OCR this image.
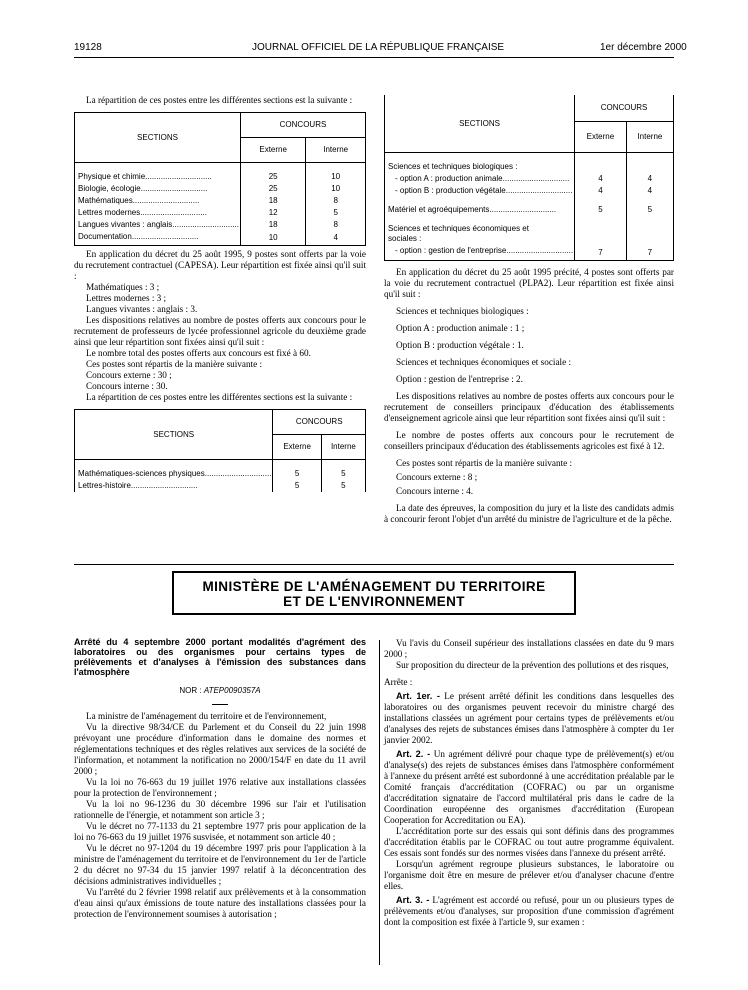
19128	JOURNAL OFFICIEL DE LA RÉPUBLIQUE FRANÇAISE	1er décembre 2000

La répartition de ces postes entre les différentes sections est la suivante :

SECTIONS	CONCOURS	
	Externe	Interne

Physique et chimie..............................	25	10
Biologie, écologie..............................	25	10
Mathématiques..............................	18	8
Lettres modernes..............................	12	5
Langues vivantes : anglais..............................	18	8
Documentation..............................	10	4

En application du décret du 25 août 1995, 9 postes sont offerts par la voie du recrutement contractuel (CAPESA). Leur répartition est fixée ainsi qu'il suit :

Mathématiques : 3 ;

Lettres modernes : 3 ;

Langues vivantes : anglais : 3.

Les dispositions relatives au nombre de postes offerts aux concours pour le recrutement de professeurs de lycée professionnel agricole du deuxième grade ainsi que leur répartition sont fixées ainsi qu'il suit :

Le nombre total des postes offerts aux concours est fixé à 60.

Ces postes sont répartis de la manière suivante :

Concours externe : 30 ;

Concours interne : 30.

La répartition de ces postes entre les différentes sections est la suivante :

SECTIONS	CONCOURS	
	Externe	Interne

Mathématiques-sciences physiques..............................	5	5
Lettres-histoire..............................	5	5
SECTIONS	CONCOURS	
	Externe	Interne

Sciences et techniques biologiques :		
- option A : production animale..............................	4	4
- option B : production végétale..............................	4	4

Matériel et agroéquipements..............................	5	5

Sciences et techniques économiques et sociales :		
- option : gestion de l'entreprise..............................	7	7

En application du décret du 25 août 1995 précité, 4 postes sont offerts par la voie du recrutement contractuel (PLPA2). Leur répartition est fixée ainsi qu'il suit :

Sciences et techniques biologiques :

Option A : production animale : 1 ;

Option B : production végétale : 1.

Sciences et techniques économiques et sociale :

Option : gestion de l'entreprise : 2.

Les dispositions relatives au nombre de postes offerts aux concours pour le recrutement de conseillers principaux d'éducation des établissements d'enseignement agricole ainsi que leur répartition sont fixées ainsi qu'il suit :

Le nombre de postes offerts aux concours pour le recrutement de conseillers principaux d'éducation des établissements agricoles est fixé à 12.

Ces postes sont répartis de la manière suivante :

Concours externe : 8 ;

Concours interne : 4.

La date des épreuves, la composition du jury et la liste des candidats admis à concourir feront l'objet d'un arrêté du ministre de l'agriculture et de la pêche.

MINISTÈRE DE L'AMÉNAGEMENT DU TERRITOIRE
ET DE L'ENVIRONNEMENT
Arrêté du 4 septembre 2000 portant modalités d'agrément des laboratoires ou des organismes pour certains types de prélèvements et d'analyses à l'émission des substances dans l'atmosphère
NOR : ATEP0090357A

La ministre de l'aménagement du territoire et de l'environnement,

Vu la directive 98/34/CE du Parlement et du Conseil du 22 juin 1998 prévoyant une procédure d'information dans le domaine des normes et réglementations techniques et des règles relatives aux services de la société de l'information, et notamment la notification no 2000/154/F en date du 11 avril 2000 ;

Vu la loi no 76-663 du 19 juillet 1976 relative aux installations classées pour la protection de l'environnement ;

Vu la loi no 96-1236 du 30 décembre 1996 sur l'air et l'utilisation rationnelle de l'énergie, et notamment son article 3 ;

Vu le décret no 77-1133 du 21 septembre 1977 pris pour application de la loi no 76-663 du 19 juillet 1976 susvisée, et notamment son article 40 ;

Vu le décret no 97-1204 du 19 décembre 1997 pris pour l'application à la ministre de l'aménagement du territoire et de l'environnement du 1er de l'article 2 du décret no 97-34 du 15 janvier 1997 relatif à la déconcentration des décisions administratives individuelles ;

Vu l'arrêté du 2 février 1998 relatif aux prélèvements et à la consommation d'eau ainsi qu'aux émissions de toute nature des installations classées pour la protection de l'environnement soumises à autorisation ;

Vu l'avis du Conseil supérieur des installations classées en date du 9 mars 2000 ;

Sur proposition du directeur de la prévention des pollutions et des risques,

Arrête :

Art. 1er. - Le présent arrêté définit les conditions dans lesquelles des laboratoires ou des organismes peuvent recevoir du ministre chargé des installations classées un agrément pour certains types de prélèvements et/ou d'analyses des rejets de substances émises dans l'atmosphère à compter du 1er janvier 2002.

Art. 2. - Un agrément délivré pour chaque type de prélèvement(s) et/ou d'analyse(s) des rejets de substances émises dans l'atmosphère conformément à l'annexe du présent arrêté est subordonné à une accréditation préalable par le Comité français d'accréditation (COFRAC) ou par un organisme d'accréditation signataire de l'accord multilatéral pris dans le cadre de la Coordination européenne des organismes d'accréditation (European Cooperation for Accreditation ou EA).

L'accréditation porte sur des essais qui sont définis dans des programmes d'accréditation établis par le COFRAC ou tout autre programme équivalent. Ces essais sont fondés sur des normes visées dans l'annexe du présent arrêté.

Lorsqu'un agrément regroupe plusieurs substances, le laboratoire ou l'organisme doit être en mesure de prélever et/ou d'analyser chacune d'entre elles.

Art. 3. - L'agrément est accordé ou refusé, pour un ou plusieurs types de prélèvements et/ou d'analyses, sur proposition d'une commission d'agrément dont la composition est fixée à l'article 9, sur examen :
